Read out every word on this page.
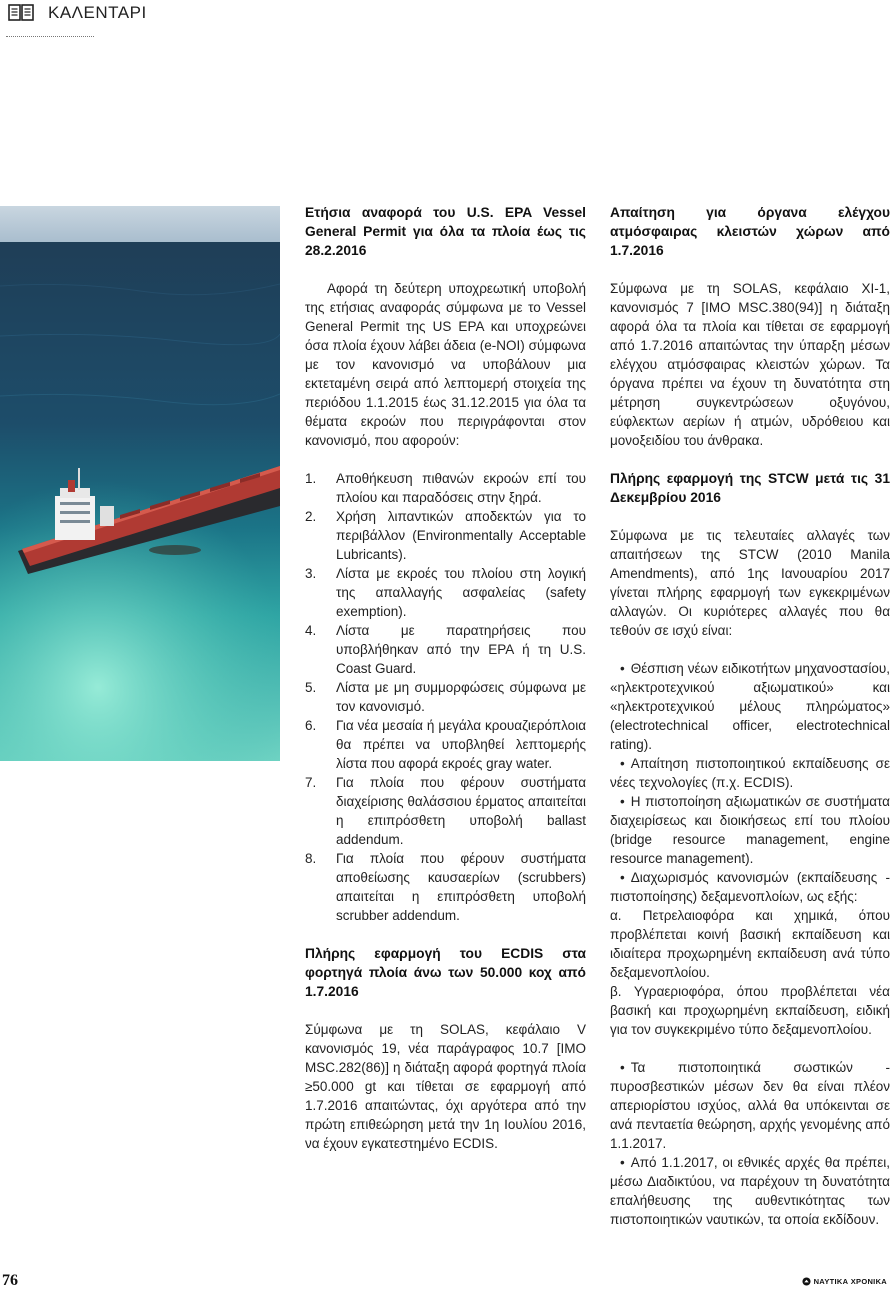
ΚΑΛΕΝΤΑΡΙ
Ετήσια αναφορά του U.S. EPA Vessel General Permit για όλα τα πλοία έως τις 28.2.2016

Αφορά τη δεύτερη υποχρεωτική υποβολή της ετήσιας αναφοράς σύμφωνα με το Vessel General Permit της US EPA και υποχρεώνει όσα πλοία έχουν λάβει άδεια (e-NOI) σύμφωνα με τον κανονισμό να υποβάλουν μια εκτεταμένη σειρά από λεπτομερή στοιχεία της περιόδου 1.1.2015 έως 31.12.2015 για όλα τα θέματα εκροών που περιγράφονται στον κανονισμό, που αφορούν:

1.	Αποθήκευση πιθανών εκροών επί του πλοίου και παραδόσεις στην ξηρά.
2.	Χρήση λιπαντικών αποδεκτών για το περιβάλλον (Environmentally Acceptable Lubricants).
3.	Λίστα με εκροές του πλοίου στη λογική της απαλλαγής ασφαλείας (safety exemption).
4.	Λίστα με παρατηρήσεις που υποβλήθηκαν από την EPA ή τη U.S. Coast Guard.
5.	Λίστα με μη συμμορφώσεις σύμφωνα με τον κανονισμό.
6.	Για νέα μεσαία ή μεγάλα κρουαζιερόπλοια θα πρέπει να υποβληθεί λεπτομερής λίστα που αφορά εκροές gray water.
7.	Για πλοία που φέρουν συστήματα διαχείρισης θαλάσσιου έρματος απαιτείται η επιπρόσθετη υποβολή ballast addendum.
8.	Για πλοία που φέρουν συστήματα αποθείωσης καυσαερίων (scrubbers) απαιτείται η επιπρόσθετη υποβολή scrubber addendum.
Πλήρης εφαρμογή του ECDIS στα φορτηγά πλοία άνω των 50.000 κοχ από 1.7.2016

Σύμφωνα με τη SOLAS, κεφάλαιο V κανονισμός 19, νέα παράγραφος 10.7 [IMO MSC.282(86)] η διάταξη αφορά φορτηγά πλοία ≥50.000 gt και τίθεται σε εφαρμογή από 1.7.2016 απαιτώντας, όχι αργότερα από την πρώτη επιθεώρηση μετά την 1η Ιουλίου 2016, να έχουν εγκατεστημένο ECDIS.

Απαίτηση για όργανα ελέγχου ατμόσφαιρας κλειστών χώρων από 1.7.2016

Σύμφωνα με τη SOLAS, κεφάλαιο XI-1, κανονισμός 7 [IMO MSC.380(94)] η διάταξη αφορά όλα τα πλοία και τίθεται σε εφαρμογή από 1.7.2016 απαιτώντας την ύπαρξη μέσων ελέγχου ατμόσφαιρας κλειστών χώρων. Τα όργανα πρέπει να έχουν τη δυνατότητα στη μέτρηση συγκεντρώσεων οξυγόνου, εύφλεκτων αερίων ή ατμών, υδρόθειου και μονοξειδίου του άνθρακα.

Πλήρης εφαρμογή της STCW μετά τις 31 Δεκεμβρίου 2016

Σύμφωνα με τις τελευταίες αλλαγές των απαιτήσεων της STCW (2010 Manila Amendments), από 1ης Ιανουαρίου 2017 γίνεται πλήρης εφαρμογή των εγκεκριμένων αλλαγών. Οι κυριότερες αλλαγές που θα τεθούν σε ισχύ είναι:

• Θέσπιση νέων ειδικοτήτων μηχανοστασίου, «ηλεκτροτεχνικού αξιωματικού» και «ηλεκτροτεχνικού μέλους πληρώματος» (electrotechnical officer, electrotechnical rating).
• Απαίτηση πιστοποιητικού εκπαίδευσης σε νέες τεχνολογίες (π.χ. ECDIS).
• Η πιστοποίηση αξιωματικών σε συστήματα διαχειρίσεως και διοικήσεως επί του πλοίου (bridge resource management, engine resource management).
• Διαχωρισμός κανονισμών (εκπαίδευσης - πιστοποίησης) δεξαμενοπλοίων, ως εξής:

α. Πετρελαιοφόρα και χημικά, όπου προβλέπεται κοινή βασική εκπαίδευση και ιδιαίτερα προχωρημένη εκπαίδευση ανά τύπο δεξαμενοπλοίου.

β. Υγραεριοφόρα, όπου προβλέπεται νέα βασική και προχωρημένη εκπαίδευση, ειδική για τον συγκεκριμένο τύπο δεξαμενοπλοίου.

• Τα πιστοποιητικά σωστικών - πυροσβεστικών μέσων δεν θα είναι πλέον απεριορίστου ισχύος, αλλά θα υπόκεινται σε ανά πενταετία θεώρηση, αρχής γενομένης από 1.1.2017.
• Από 1.1.2017, οι εθνικές αρχές θα πρέπει, μέσω Διαδικτύου, να παρέχουν τη δυνατότητα επαλήθευσης της αυθεντικότητας των πιστοποιητικών ναυτικών, τα οποία εκδίδουν.
76	ΝΑΥΤΙΚΑ ΧΡΟΝΙΚΑ
